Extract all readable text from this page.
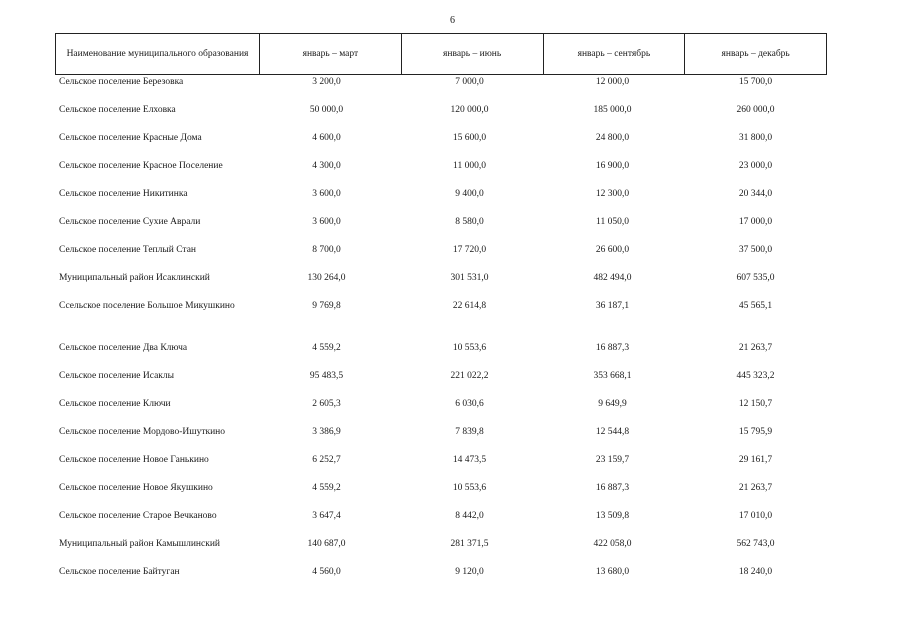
6
Наименование муниципального образования	январь – март	январь – июнь	январь – сентябрь	январь – декабрь
Сельское поселение Березовка	3 200,0	7 000,0	12 000,0	15 700,0
Сельское поселение Елховка	50 000,0	120 000,0	185 000,0	260 000,0
Сельское поселение Красные Дома	4 600,0	15 600,0	24 800,0	31 800,0
Сельское поселение Красное Поселение	4 300,0	11 000,0	16 900,0	23 000,0
Сельское поселение Никитинка	3 600,0	9 400,0	12 300,0	20 344,0
Сельское поселение Сухие Аврали	3 600,0	8 580,0	11 050,0	17 000,0
Сельское поселение Теплый Стан	8 700,0	17 720,0	26 600,0	37 500,0
Муниципальный район Исаклинский	130 264,0	301 531,0	482 494,0	607 535,0
Ссельское поселение Большое Микушкино	9 769,8	22 614,8	36 187,1	45 565,1
Сельское поселение Два Ключа	4 559,2	10 553,6	16 887,3	21 263,7
Сельское поселение Исаклы	95 483,5	221 022,2	353 668,1	445 323,2
Сельское поселение Ключи	2 605,3	6 030,6	9 649,9	12 150,7
Сельское поселение Мордово-Ишуткино	3 386,9	7 839,8	12 544,8	15 795,9
Сельское поселение Новое Ганькино	6 252,7	14 473,5	23 159,7	29 161,7
Сельское поселение Новое Якушкино	4 559,2	10 553,6	16 887,3	21 263,7
Сельское поселение Старое Вечканово	3 647,4	8 442,0	13 509,8	17 010,0
Муниципальный район Камышлинский	140 687,0	281 371,5	422 058,0	562 743,0
Сельское поселение Байтуган	4 560,0	9 120,0	13 680,0	18 240,0
